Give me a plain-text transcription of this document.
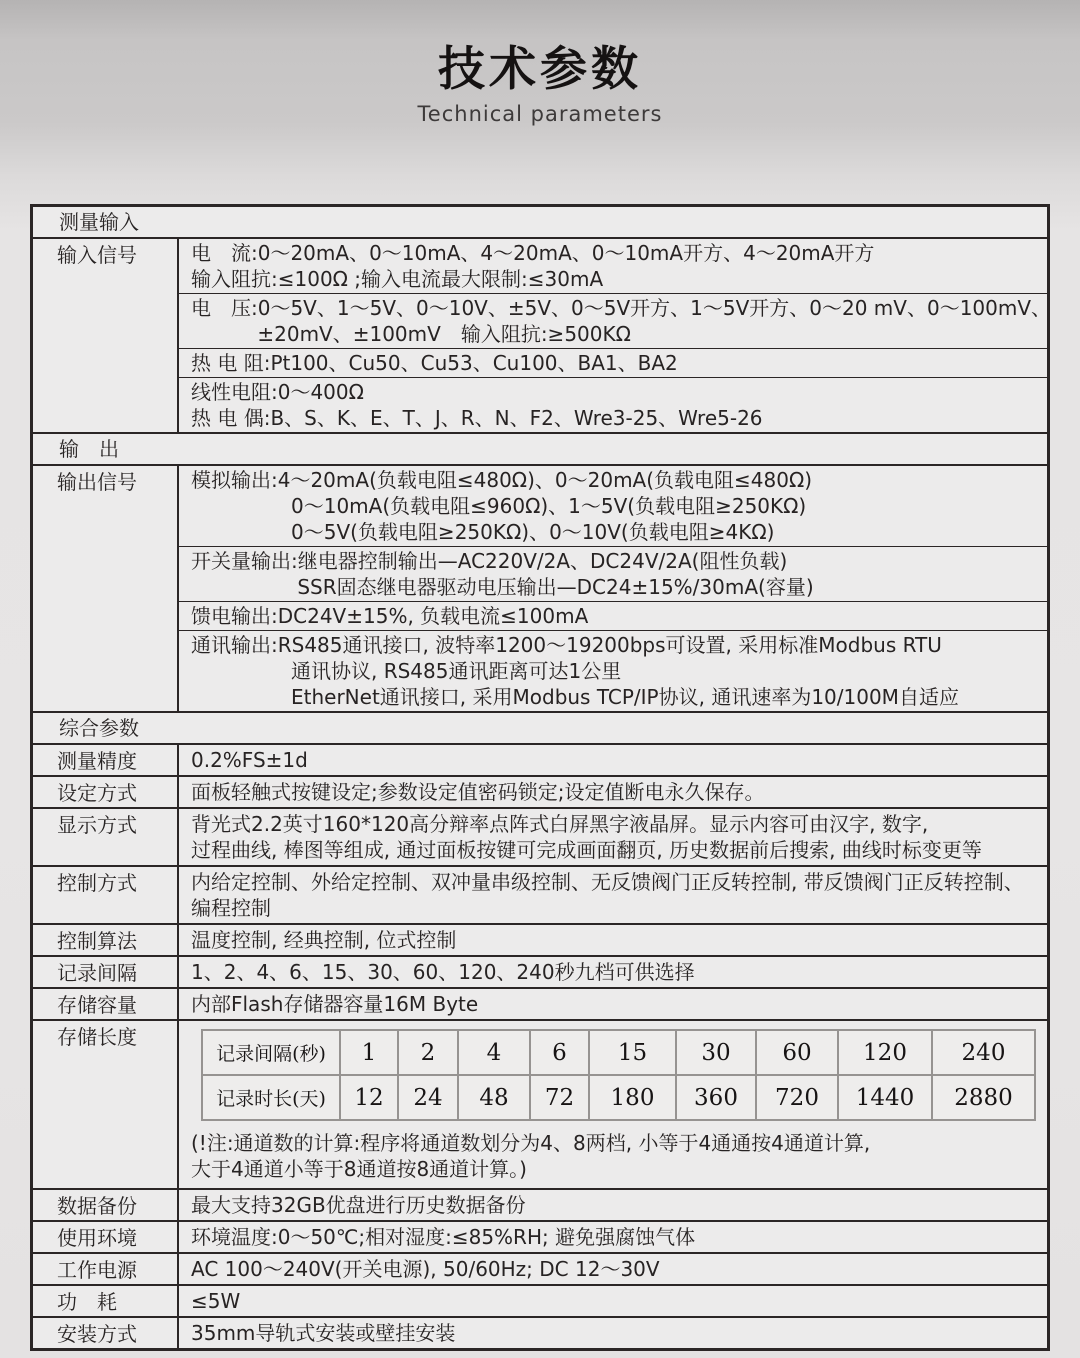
技术参数
Technical parameters
测量输入
输入信号	电　流:0～20mA、0～10mA、4～20mA、0～10mA开方、4～20mA开方
输入阻抗:≤100Ω ;输入电流最大限制:≤30mA
电　压:0～5V、1～5V、0～10V、±5V、0～5V开方、1～5V开方、0～20 mV、0～100mV、
　　　 ±20mV、±100mV　输入阻抗:≥500KΩ
热 电 阻:Pt100、Cu50、Cu53、Cu100、BA1、BA2
线性电阻:0～400Ω
热 电 偶:B、S、K、E、T、J、R、N、F2、Wre3-25、Wre5-26
输　出
输出信号	模拟输出:4～20mA(负载电阻≤480Ω)、0～20mA(负载电阻≤480Ω)
　　　　　0～10mA(负载电阻≤960Ω)、1～5V(负载电阻≥250KΩ)
　　　　　0～5V(负载电阻≥250KΩ)、0～10V(负载电阻≥4KΩ)
开关量输出:继电器控制输出—AC220V/2A、DC24V/2A(阻性负载)
　　　　　 SSR固态继电器驱动电压输出—DC24±15%/30mA(容量)
馈电输出:DC24V±15%, 负载电流≤100mA
通讯输出:RS485通讯接口, 波特率1200～19200bps可设置, 采用标准Modbus RTU
　　　　　通讯协议, RS485通讯距离可达1公里
　　　　　EtherNet通讯接口, 采用Modbus TCP/IP协议, 通讯速率为10/100M自适应
综合参数
测量精度	0.2%FS±1d
设定方式	面板轻触式按键设定;参数设定值密码锁定;设定值断电永久保存。
显示方式	背光式2.2英寸160*120高分辩率点阵式白屏黑字液晶屏。显示内容可由汉字, 数字,
过程曲线, 棒图等组成, 通过面板按键可完成画面翻页, 历史数据前后搜索, 曲线时标变更等
控制方式	内给定控制、外给定控制、双冲量串级控制、无反馈阀门正反转控制, 带反馈阀门正反转控制、
编程控制
控制算法	温度控制, 经典控制, 位式控制
记录间隔	1、2、4、6、15、30、60、120、240秒九档可供选择
存储容量	内部Flash存储器容量16M Byte
存储长度
记录间隔(秒)	1	2	4	6	15	30	60	120	240
记录时长(天)	12	24	48	72	180	360	720	1440	2880
(!注:通道数的计算:程序将通道数划分为4、8两档, 小等于4通通按4通道计算,
大于4通道小等于8通道按8通道计算。)
数据备份	最大支持32GB优盘进行历史数据备份
使用环境	环境温度:0～50℃;相对湿度:≤85%RH; 避免强腐蚀气体
工作电源	AC 100～240V(开关电源), 50/60Hz; DC 12～30V
功　耗	≤5W
安装方式	35mm导轨式安装或壁挂安装
